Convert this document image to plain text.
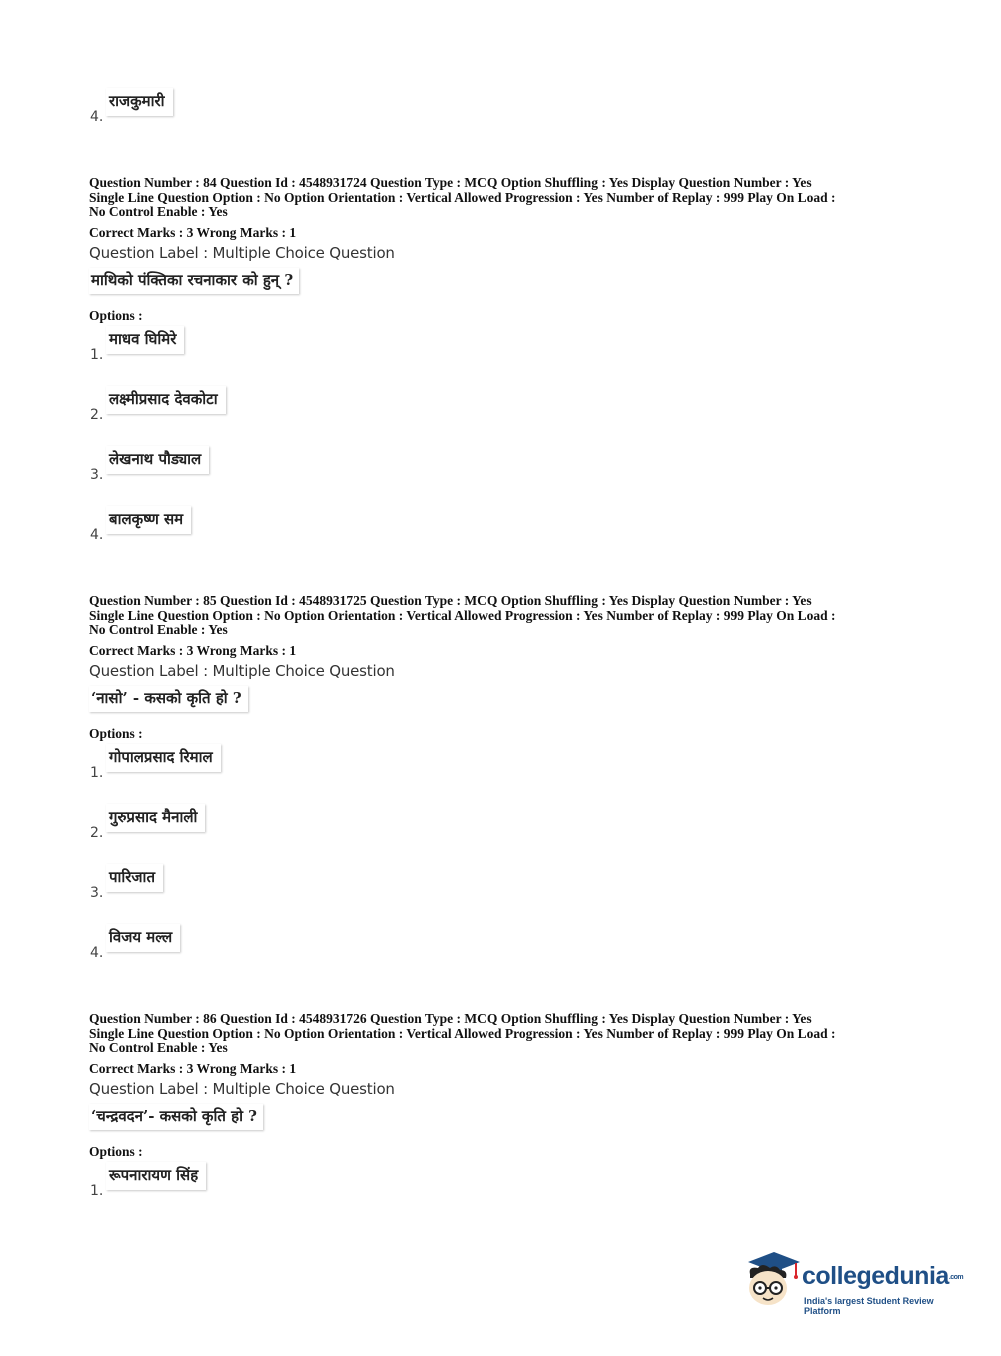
4.
राजकुमारी

Question Number : 84 Question Id : 4548931724 Question Type : MCQ Option Shuffling : Yes Display Question Number : Yes

Single Line Question Option : No Option Orientation : Vertical Allowed Progression : Yes Number of Replay : 999 Play On Load :

No Control Enable : Yes

Correct Marks : 3 Wrong Marks : 1
Question Label : Multiple Choice Question
माथिको पंक्तिका रचनाकार को हुन् ?
Options :
1.
माधव घिमिरे
2.
लक्ष्मीप्रसाद देवकोटा
3.
लेखनाथ पौड्याल
4.
बालकृष्ण सम

Question Number : 85 Question Id : 4548931725 Question Type : MCQ Option Shuffling : Yes Display Question Number : Yes

Single Line Question Option : No Option Orientation : Vertical Allowed Progression : Yes Number of Replay : 999 Play On Load :

No Control Enable : Yes

Correct Marks : 3 Wrong Marks : 1
Question Label : Multiple Choice Question
‘नासो’ - कसको कृति हो ?
Options :
1.
गोपालप्रसाद रिमाल
2.
गुरुप्रसाद मैनाली
3.
पारिजात
4.
विजय मल्ल

Question Number : 86 Question Id : 4548931726 Question Type : MCQ Option Shuffling : Yes Display Question Number : Yes

Single Line Question Option : No Option Orientation : Vertical Allowed Progression : Yes Number of Replay : 999 Play On Load :

No Control Enable : Yes

Correct Marks : 3 Wrong Marks : 1
Question Label : Multiple Choice Question
‘चन्द्रवदन’- कसको कृति हो ?
Options :
1.
रूपनारायण सिंह
collegedunia.com
India's largest Student Review Platform
